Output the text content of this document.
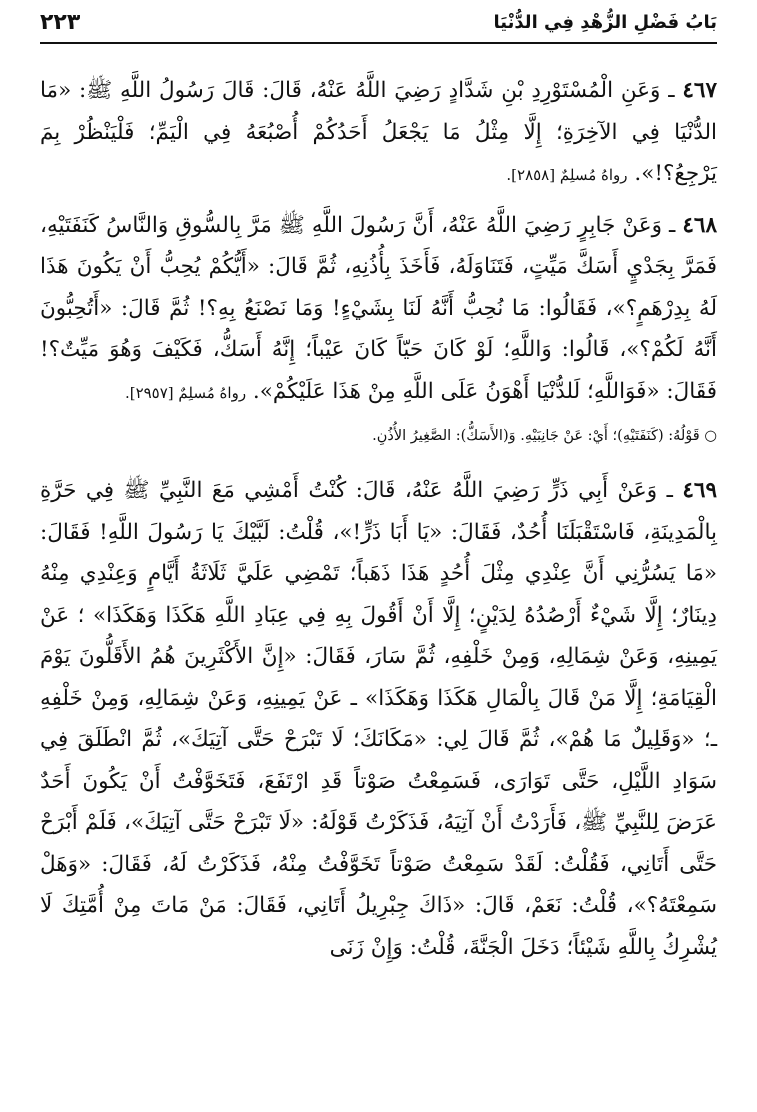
بَابُ فَضْلِ الزُّهْدِ فِي الدُّنْيَا
٢٢٣

٤٦٧ ـ وَعَنِ الْمُسْتَوْرِدِ بْنِ شَدَّادٍ رَضِيَ اللَّهُ عَنْهُ، قَالَ: قَالَ رَسُولُ اللَّهِ ﷺ: «مَا الدُّنْيَا فِي الآخِرَةِ؛ إِلَّا مِثْلُ مَا يَجْعَلُ أَحَدُكُمْ أُصْبُعَهُ فِي الْيَمِّ؛ فَلْيَنْظُرْ بِمَ يَرْجِعُ؟!». رواهُ مُسلِمٌ [٢٨٥٨].

٤٦٨ ـ وَعَنْ جَابِرٍ رَضِيَ اللَّهُ عَنْهُ، أَنَّ رَسُولَ اللَّهِ ﷺ مَرَّ بِالسُّوقِ وَالنَّاسُ كَنَفَتَيْهِ، فَمَرَّ بِجَدْيٍ أَسَكَّ مَيِّتٍ، فَتَنَاوَلَهُ، فَأَخَذَ بِأُذُنِهِ، ثُمَّ قَالَ: «أَيُّكُمْ يُحِبُّ أَنْ يَكُونَ هَذَا لَهُ بِدِرْهَمٍ؟»، فَقَالُوا: مَا نُحِبُّ أَنَّهُ لَنَا بِشَيْءٍ! وَمَا نَصْنَعُ بِهِ؟! ثُمَّ قَالَ: «أَتُحِبُّونَ أَنَّهُ لَكُمْ؟»، قَالُوا: وَاللَّهِ؛ لَوْ كَانَ حَيّاً كَانَ عَيْباً؛ إِنَّهُ أَسَكُّ، فَكَيْفَ وَهُوَ مَيِّتٌ؟! فَقَالَ: «فَوَاللَّهِ؛ لَلدُّنْيَا أَهْوَنُ عَلَى اللَّهِ مِنْ هَذَا عَلَيْكُمْ». رواهُ مُسلِمٌ [٢٩٥٧].

○ قَوْلُهُ: (كَنَفَتَيْهِ)؛ أَيْ: عَنْ جَانِبَيْهِ. وَ(الأَسَكُّ): الصَّغِيرُ الأُذُنِ.

٤٦٩ ـ وَعَنْ أَبِي ذَرٍّ رَضِيَ اللَّهُ عَنْهُ، قَالَ: كُنْتُ أَمْشِي مَعَ النَّبِيِّ ﷺ فِي حَرَّةِ بِالْمَدِينَةِ، فَاسْتَقْبَلَنَا أُحُدٌ، فَقَالَ: «يَا أَبَا ذَرٍّ!»، قُلْتُ: لَبَّيْكَ يَا رَسُولَ اللَّهِ! فَقَالَ: «مَا يَسُرُّنِي أَنَّ عِنْدِي مِثْلَ أُحُدٍ هَذَا ذَهَباً؛ تَمْضِي عَلَيَّ ثَلَاثَةُ أَيَّامٍ وَعِنْدِي مِنْهُ دِينَارٌ؛ إِلَّا شَيْءٌ أَرْصُدُهُ لِدَيْنٍ؛ إِلَّا أَنْ أَقُولَ بِهِ فِي عِبَادِ اللَّهِ هَكَذَا وَهَكَذَا» ؛ عَنْ يَمِينِهِ، وَعَنْ شِمَالِهِ، وَمِنْ خَلْفِهِ، ثُمَّ سَارَ، فَقَالَ: «إِنَّ الأَكْثَرِينَ هُمُ الأَقَلُّونَ يَوْمَ الْقِيَامَةِ؛ إِلَّا مَنْ قَالَ بِالْمَالِ هَكَذَا وَهَكَذَا» ـ عَنْ يَمِينِهِ، وَعَنْ شِمَالِهِ، وَمِنْ خَلْفِهِ ـ؛ «وَقَلِيلٌ مَا هُمْ»، ثُمَّ قَالَ لِي: «مَكَانَكَ؛ لَا تَبْرَحْ حَتَّى آتِيَكَ»، ثُمَّ انْطَلَقَ فِي سَوَادِ اللَّيْلِ، حَتَّى تَوَارَى، فَسَمِعْتُ صَوْتاً قَدِ ارْتَفَعَ، فَتَخَوَّفْتُ أَنْ يَكُونَ أَحَدٌ عَرَضَ لِلنَّبِيِّ ﷺ، فَأَرَدْتُ أَنْ آتِيَهُ، فَذَكَرْتُ قَوْلَهُ: «لَا تَبْرَحْ حَتَّى آتِيَكَ»، فَلَمْ أَبْرَحْ حَتَّى أَتَانِي، فَقُلْتُ: لَقَدْ سَمِعْتُ صَوْتاً تَخَوَّفْتُ مِنْهُ، فَذَكَرْتُ لَهُ، فَقَالَ: «وَهَلْ سَمِعْتَهُ؟»، قُلْتُ: نَعَمْ، قَالَ: «ذَاكَ جِبْرِيلُ أَتَانِي، فَقَالَ: مَنْ مَاتَ مِنْ أُمَّتِكَ لَا يُشْرِكُ بِاللَّهِ شَيْئاً؛ دَخَلَ الْجَنَّةَ، قُلْتُ: وَإِنْ زَنَى
